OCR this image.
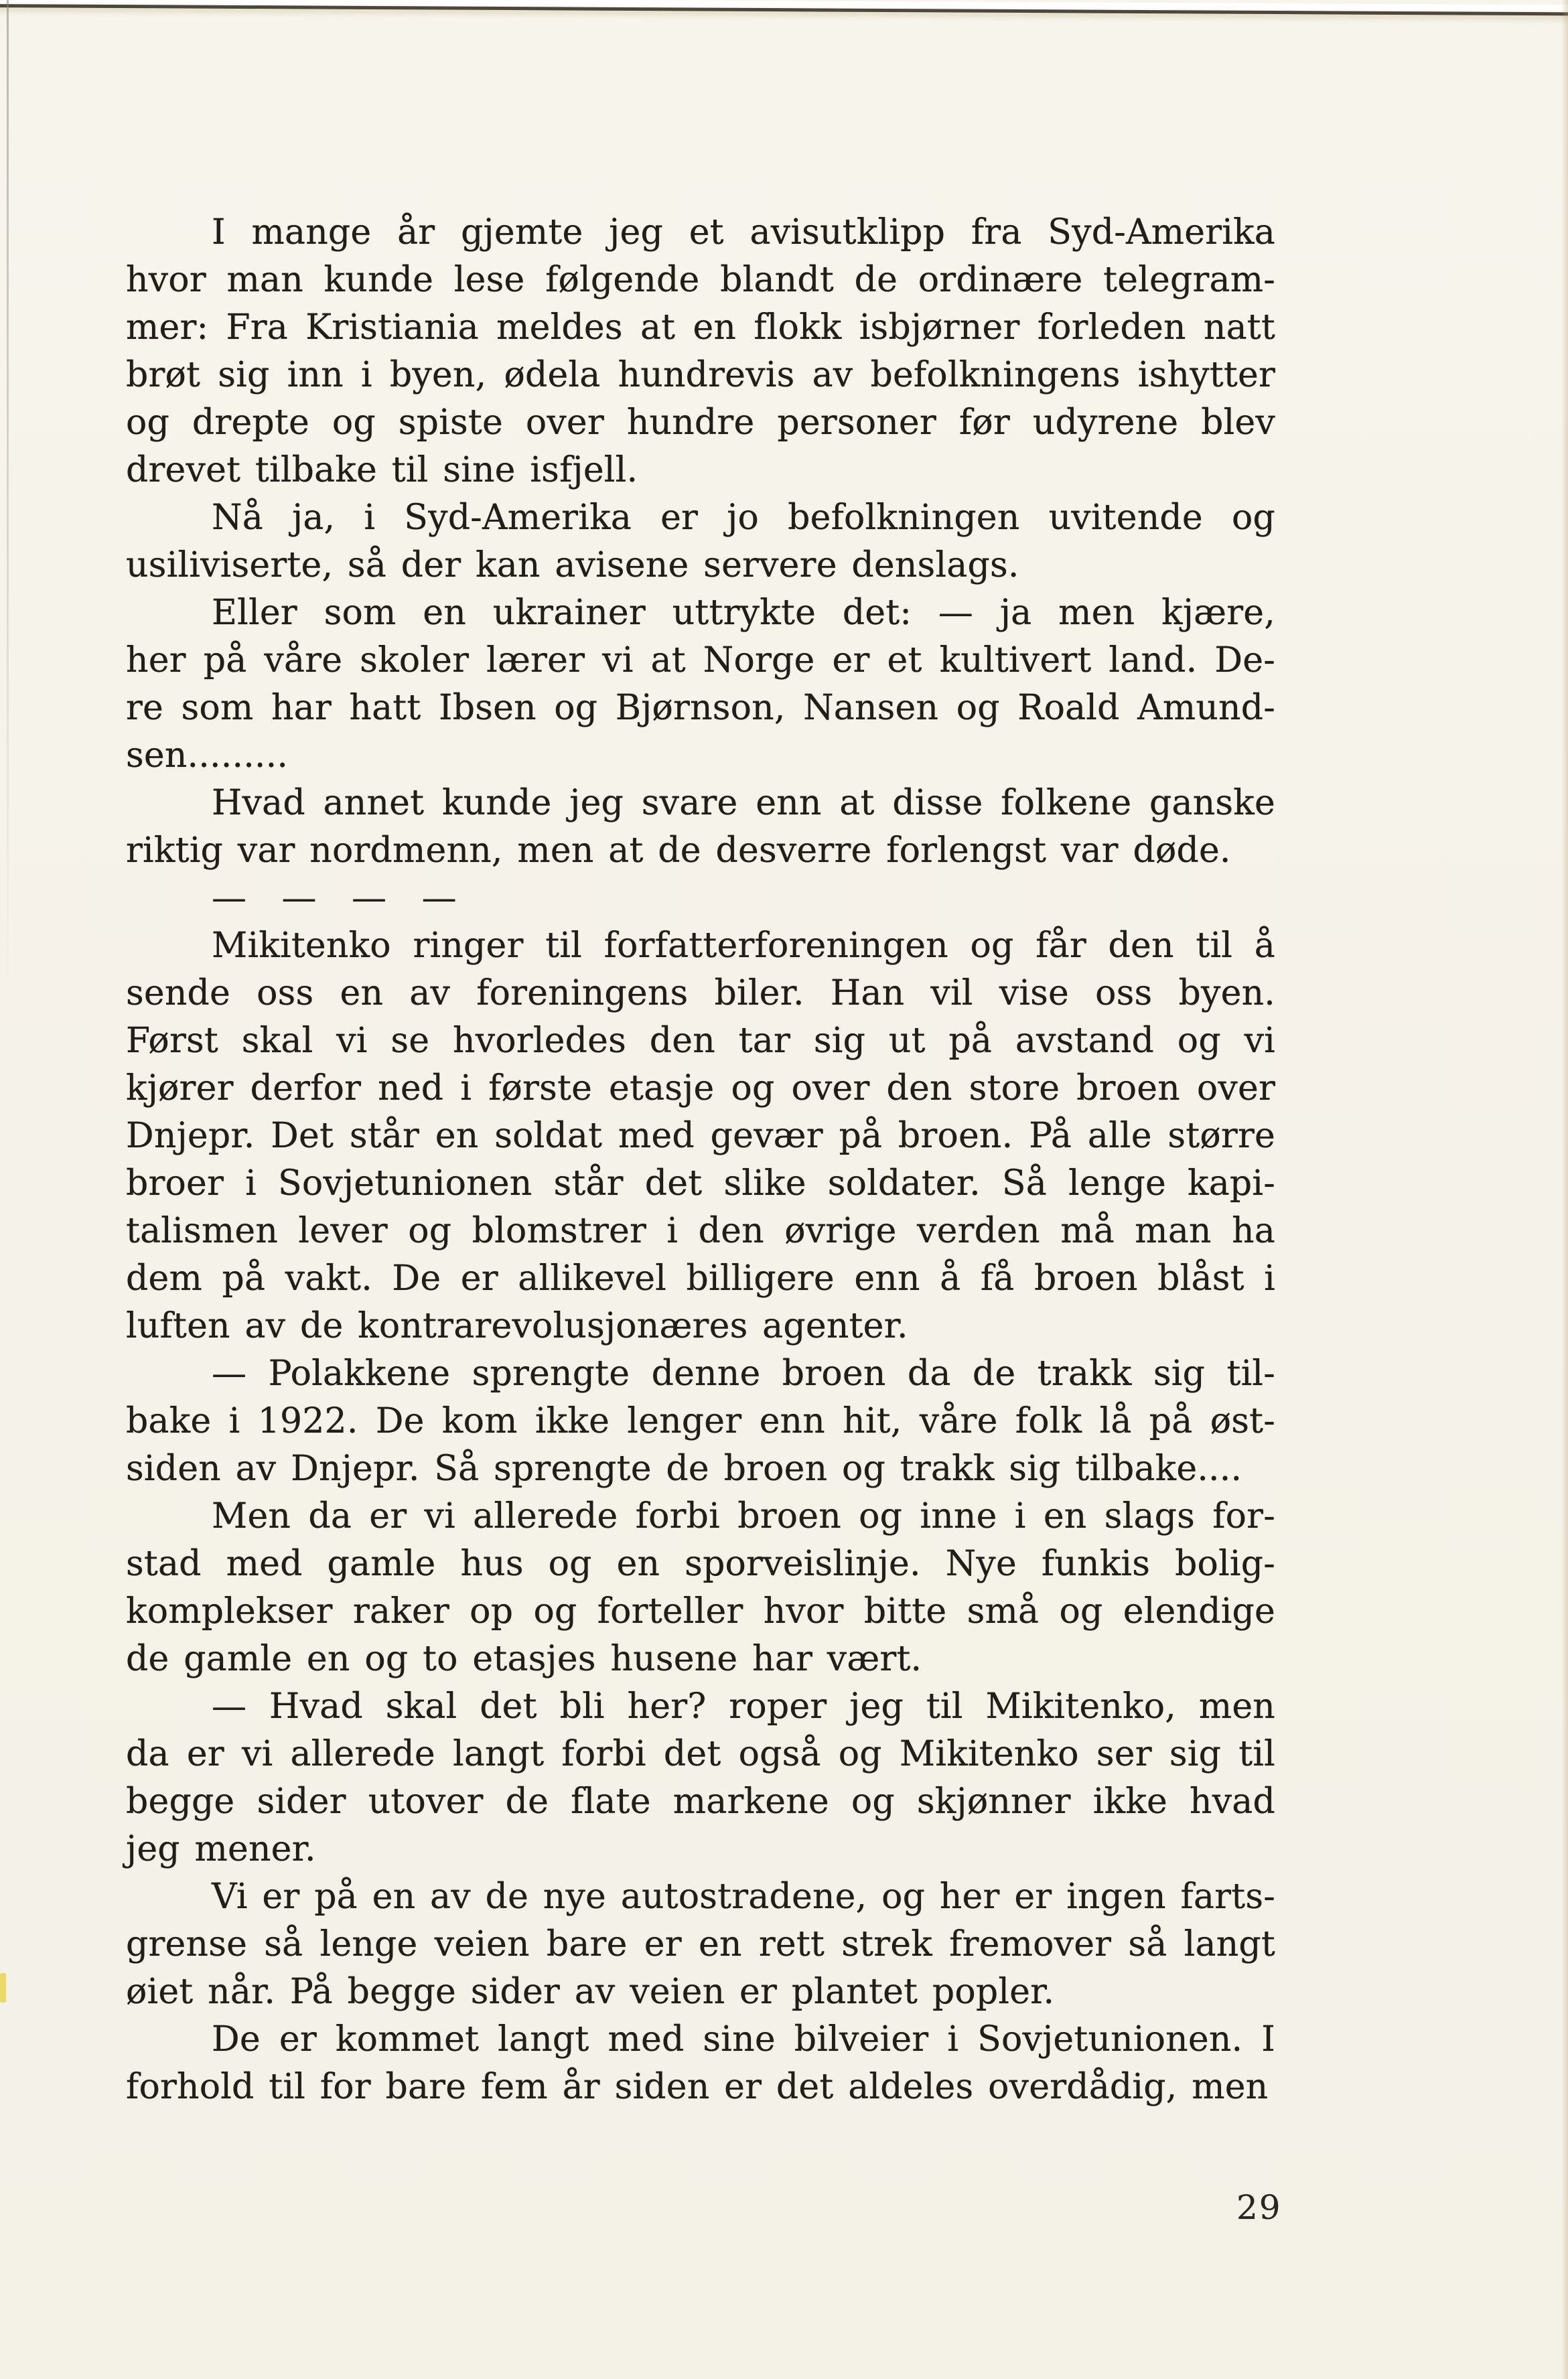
I mange år gjemte jeg et avisutklipp fra Syd-Amerika
hvor man kunde lese følgende blandt de ordinære telegram-
mer: Fra Kristiania meldes at en flokk isbjørner forleden natt
brøt sig inn i byen, ødela hundrevis av befolkningens ishytter
og drepte og spiste over hundre personer før udyrene blev
drevet tilbake til sine isfjell.
Nå ja, i Syd-Amerika er jo befolkningen uvitende og
usiliviserte, så der kan avisene servere denslags.
Eller som en ukrainer uttrykte det: — ja men kjære,
her på våre skoler lærer vi at Norge er et kultivert land. De-
re som har hatt Ibsen og Bjørnson, Nansen og Roald Amund-
sen.........
Hvad annet kunde jeg svare enn at disse folkene ganske
riktig var nordmenn, men at de desverre forlengst var døde.
— — — —
Mikitenko ringer til forfatterforeningen og får den til å
sende oss en av foreningens biler. Han vil vise oss byen.
Først skal vi se hvorledes den tar sig ut på avstand og vi
kjører derfor ned i første etasje og over den store broen over
Dnjepr. Det står en soldat med gevær på broen. På alle større
broer i Sovjetunionen står det slike soldater. Så lenge kapi-
talismen lever og blomstrer i den øvrige verden må man ha
dem på vakt. De er allikevel billigere enn å få broen blåst i
luften av de kontrarevolusjonæres agenter.
— Polakkene sprengte denne broen da de trakk sig til-
bake i 1922. De kom ikke lenger enn hit, våre folk lå på øst-
siden av Dnjepr. Så sprengte de broen og trakk sig tilbake....
Men da er vi allerede forbi broen og inne i en slags for-
stad med gamle hus og en sporveislinje. Nye funkis bolig-
komplekser raker op og forteller hvor bitte små og elendige
de gamle en og to etasjes husene har vært.
— Hvad skal det bli her? roper jeg til Mikitenko, men
da er vi allerede langt forbi det også og Mikitenko ser sig til
begge sider utover de flate markene og skjønner ikke hvad
jeg mener.
Vi er på en av de nye autostradene, og her er ingen farts-
grense så lenge veien bare er en rett strek fremover så langt
øiet når. På begge sider av veien er plantet popler.
De er kommet langt med sine bilveier i Sovjetunionen. I
forhold til for bare fem år siden er det aldeles overdådig, men
29
